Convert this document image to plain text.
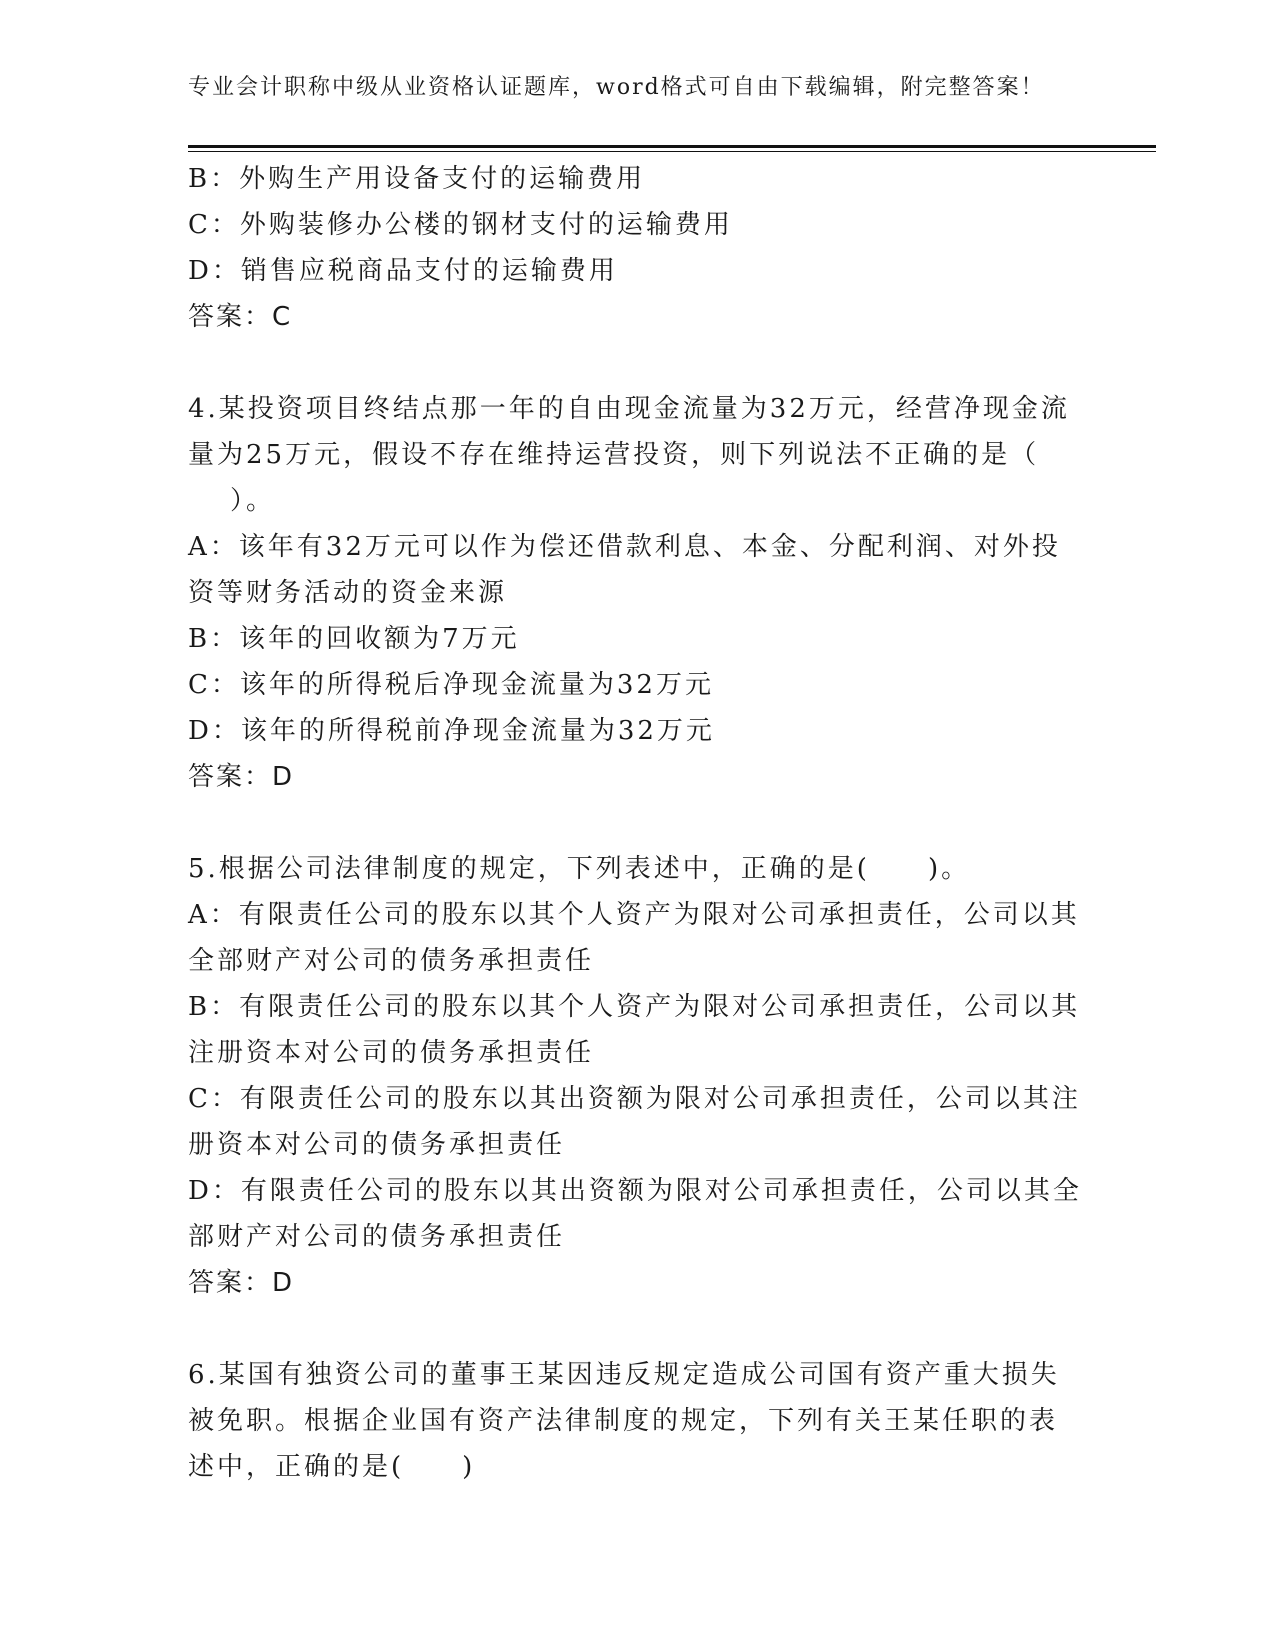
专业会计职称中级从业资格认证题库，word格式可自由下载编辑，附完整答案！
B：外购生产用设备支付的运输费用
C：外购装修办公楼的钢材支付的运输费用
D：销售应税商品支付的运输费用
答案：C
4.某投资项目终结点那一年的自由现金流量为32万元，经营净现金流
量为25万元，假设不存在维持运营投资，则下列说法不正确的是（
）。
A：该年有32万元可以作为偿还借款利息、本金、分配利润、对外投
资等财务活动的资金来源
B：该年的回收额为7万元
C：该年的所得税后净现金流量为32万元
D：该年的所得税前净现金流量为32万元
答案：D
5.根据公司法律制度的规定，下列表述中，正确的是(　　)。
A：有限责任公司的股东以其个人资产为限对公司承担责任，公司以其
全部财产对公司的债务承担责任
B：有限责任公司的股东以其个人资产为限对公司承担责任，公司以其
注册资本对公司的债务承担责任
C：有限责任公司的股东以其出资额为限对公司承担责任，公司以其注
册资本对公司的债务承担责任
D：有限责任公司的股东以其出资额为限对公司承担责任，公司以其全
部财产对公司的债务承担责任
答案：D
6.某国有独资公司的董事王某因违反规定造成公司国有资产重大损失
被免职。根据企业国有资产法律制度的规定，下列有关王某任职的表
述中，正确的是(　　)
